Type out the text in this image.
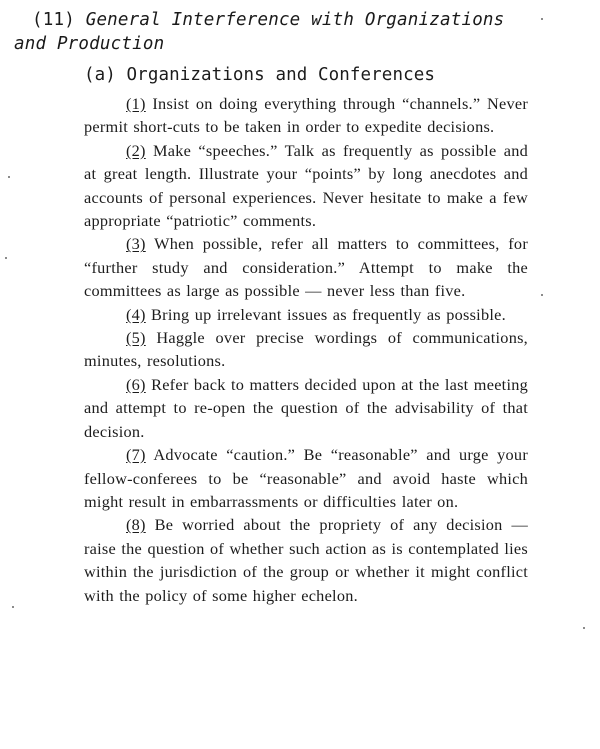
(11) General Interference with Organizations and Production
(a) Organizations and Conferences

(1) Insist on doing everything through “channels.” Never permit short-cuts to be taken in order to expedite decisions.

(2) Make “speeches.” Talk as frequently as possible and at great length. Illustrate your “points” by long anecdotes and accounts of personal experiences. Never hesitate to make a few appropriate “patriotic” comments.

(3) When possible, refer all matters to committees, for “further study and consideration.” Attempt to make the committees as large as possible — never less than five.

(4) Bring up irrelevant issues as frequently as possible.

(5) Haggle over precise wordings of communications, minutes, resolutions.

(6) Refer back to matters decided upon at the last meeting and attempt to re-open the question of the advisability of that decision.

(7) Advocate “caution.” Be “reasonable” and urge your fellow-conferees to be “reasonable” and avoid haste which might result in embarrassments or difficulties later on.

(8) Be worried about the propriety of any decision — raise the question of whether such action as is contemplated lies within the jurisdiction of the group or whether it might conflict with the policy of some higher echelon.
